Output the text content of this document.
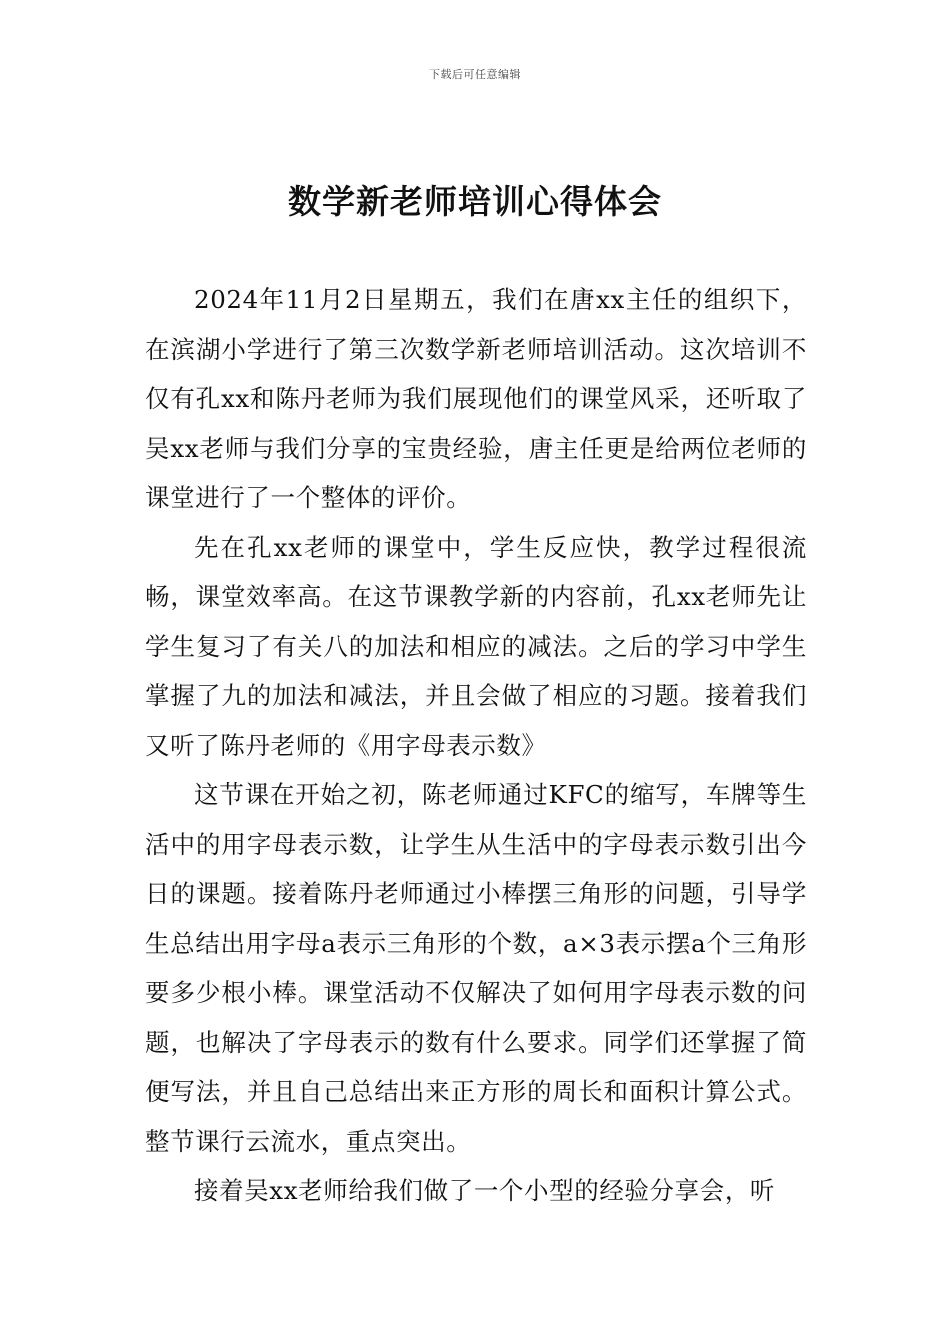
下载后可任意编辑
数学新老师培训心得体会

2024年11月2日星期五，我们在唐xx主任的组织下，在滨湖小学进行了第三次数学新老师培训活动。这次培训不仅有孔xx和陈丹老师为我们展现他们的课堂风采，还听取了吴xx老师与我们分享的宝贵经验，唐主任更是给两位老师的课堂进行了一个整体的评价。

先在孔xx老师的课堂中，学生反应快，教学过程很流畅，课堂效率高。在这节课教学新的内容前，孔xx老师先让学生复习了有关八的加法和相应的减法。之后的学习中学生掌握了九的加法和减法，并且会做了相应的习题。接着我们又听了陈丹老师的《用字母表示数》

这节课在开始之初，陈老师通过KFC的缩写，车牌等生活中的用字母表示数，让学生从生活中的字母表示数引出今日的课题。接着陈丹老师通过小棒摆三角形的问题，引导学生总结出用字母a表示三角形的个数，a×3表示摆a个三角形要多少根小棒。课堂活动不仅解决了如何用字母表示数的问题，也解决了字母表示的数有什么要求。同学们还掌握了简便写法，并且自己总结出来正方形的周长和面积计算公式。整节课行云流水，重点突出。

接着吴xx老师给我们做了一个小型的经验分享会，听
